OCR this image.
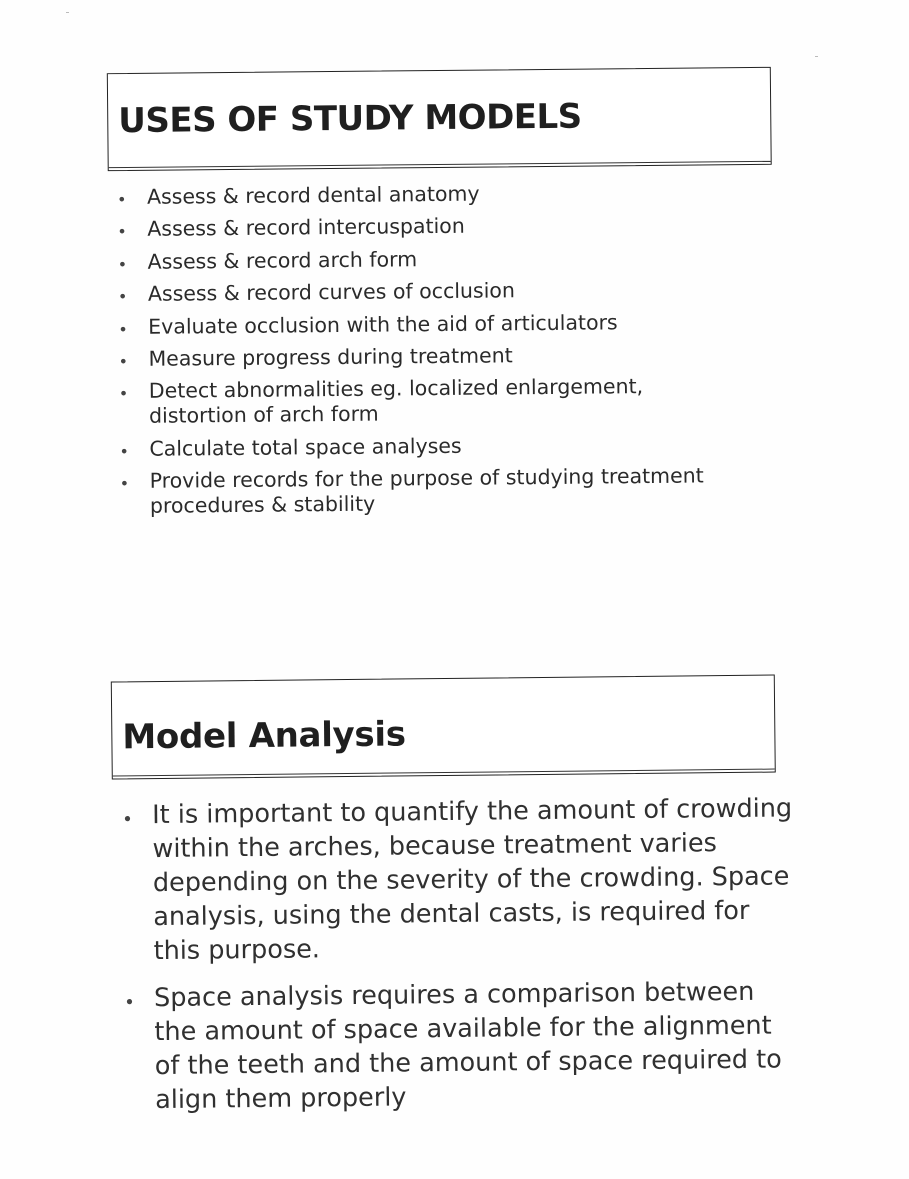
USES OF STUDY MODELS
• Assess & record dental anatomy
• Assess & record intercuspation
• Assess & record arch form
• Assess & record curves of occlusion
• Evaluate occlusion with the aid of articulators
• Measure progress during treatment
• Detect abnormalities eg. localized enlargement, distortion of arch form
• Calculate total space analyses
• Provide records for the purpose of studying treatment procedures & stability
Model Analysis
• It is important to quantify the amount of crowding within the arches, because treatment varies depending on the severity of the crowding. Space analysis, using the dental casts, is required for this purpose.
• Space analysis requires a comparison between the amount of space available for the alignment of the teeth and the amount of space required to align them properly
